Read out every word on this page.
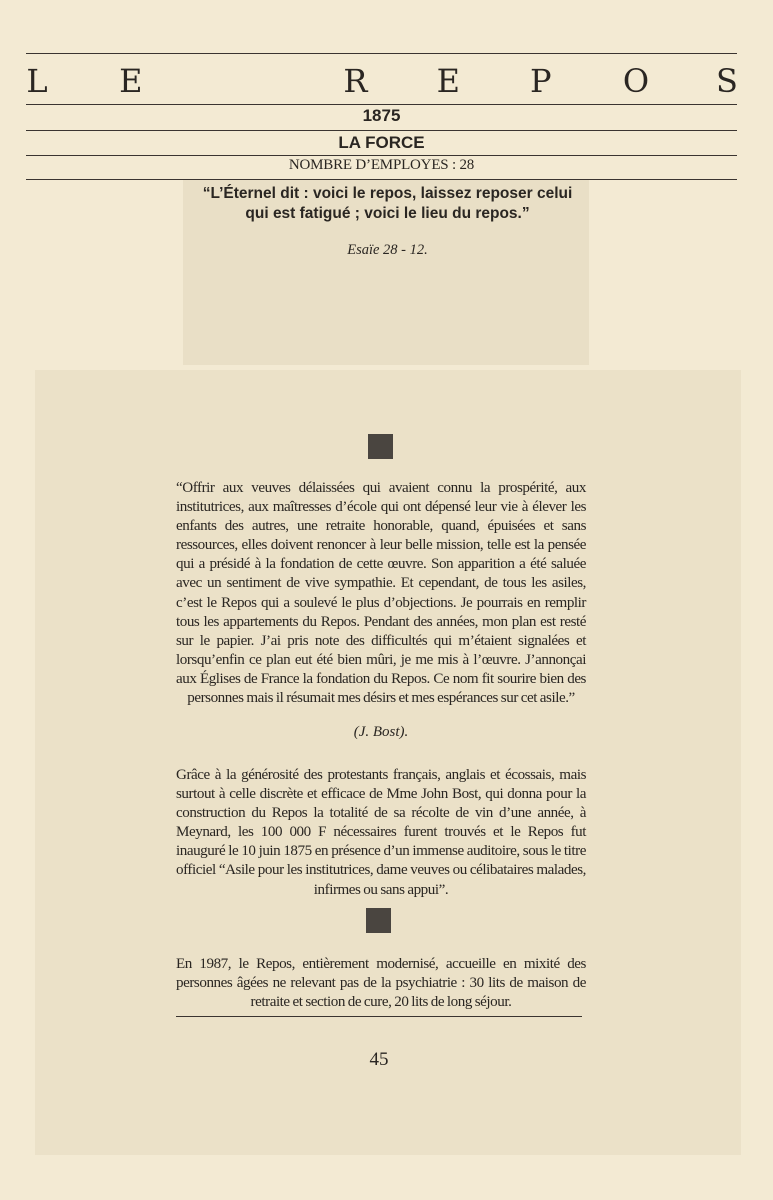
L E	R E P O S
1875
LA FORCE
NOMBRE D’EMPLOYES : 28
“L’Éternel dit : voici le repos, laissez reposer celui qui est fatigué ; voici le lieu du repos.”
Esaïe 28 - 12.

“Offrir aux veuves délaissées qui avaient connu la prospérité, aux institutrices, aux maîtresses d’école qui ont dépensé leur vie à élever les enfants des autres, une retraite honorable, quand, épuisées et sans ressources, elles doivent renoncer à leur belle mission, telle est la pensée qui a présidé à la fondation de cette œuvre. Son apparition a été saluée avec un sentiment de vive sympathie. Et cependant, de tous les asiles, c’est le Repos qui a soulevé le plus d’objections. Je pourrais en remplir tous les appartements du Repos. Pendant des années, mon plan est resté sur le papier. J’ai pris note des difficultés qui m’étaient signalées et lorsqu’enfin ce plan eut été bien mûri, je me mis à l’œuvre. J’annonçai aux Églises de France la fondation du Repos. Ce nom fit sourire bien des personnes mais il résumait mes désirs et mes espérances sur cet asile.”

(J. Bost).

Grâce à la générosité des protestants français, anglais et écossais, mais surtout à celle discrète et efficace de Mme John Bost, qui donna pour la construction du Repos la totalité de sa récolte de vin d’une année, à Meynard, les 100 000 F nécessaires furent trouvés et le Repos fut inauguré le 10 juin 1875 en présence d’un immense auditoire, sous le titre officiel “Asile pour les institutrices, dame veuves ou célibataires malades, infirmes ou sans appui”.

En 1987, le Repos, entièrement modernisé, accueille en mixité des personnes âgées ne relevant pas de la psychiatrie : 30 lits de maison de retraite et section de cure, 20 lits de long séjour.

45
